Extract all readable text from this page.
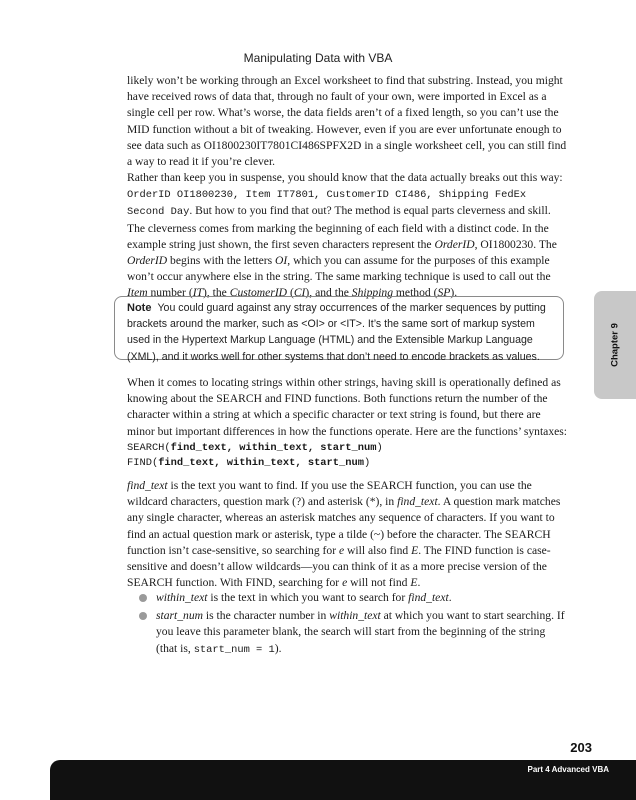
Manipulating Data with VBA

likely won’t be working through an Excel worksheet to find that substring. Instead, you might have received rows of data that, through no fault of your own, were imported in Excel as a single cell per row. What’s worse, the data fields aren’t of a fixed length, so you can’t use the MID function without a bit of tweaking. However, even if you are ever unfortunate enough to see data such as OI1800230IT7801CI486SPFX2D in a single worksheet cell, you can still find a way to read it if you’re clever.

Rather than keep you in suspense, you should know that the data actually breaks out this way: OrderID OI1800230, Item IT7801, CustomerID CI486, Shipping FedEx Second Day. But how to you find that out? The method is equal parts cleverness and skill. The cleverness comes from marking the beginning of each field with a distinct code. In the example string just shown, the first seven characters represent the OrderID, OI1800230. The OrderID begins with the letters OI, which you can assume for the purposes of this example won’t occur anywhere else in the string. The same marking technique is used to call out the Item number (IT), the CustomerID (CI), and the Shipping method (SP).

Note You could guard against any stray occurrences of the marker sequences by putting brackets around the marker, such as <OI> or <IT>. It’s the same sort of markup system used in the Hypertext Markup Language (HTML) and the Extensible Markup Language (XML), and it works well for other systems that don’t need to encode brackets as values.	Chapter 9

When it comes to locating strings within other strings, having skill is operationally defined as knowing about the SEARCH and FIND functions. Both functions return the number of the character within a string at which a specific character or text string is found, but there are minor but important differences in how the functions operate. Here are the functions’ syntaxes:

SEARCH(find_text, within_text, start_num)
FIND(find_text, within_text, start_num)

find_text is the text you want to find. If you use the SEARCH function, you can use the wildcard characters, question mark (?) and asterisk (*), in find_text. A question mark matches any single character, whereas an asterisk matches any sequence of characters. If you want to find an actual question mark or asterisk, type a tilde (~) before the character. The SEARCH function isn’t case-sensitive, so searching for e will also find E. The FIND function is case-sensitive and doesn’t allow wildcards—you can think of it as a more precise version of the SEARCH function. With FIND, searching for e will not find E.

within_text is the text in which you want to search for find_text.
start_num is the character number in within_text at which you want to start searching. If you leave this parameter blank, the search will start from the beginning of the string (that is, start_num = 1).
203
Part 4 Advanced VBA
